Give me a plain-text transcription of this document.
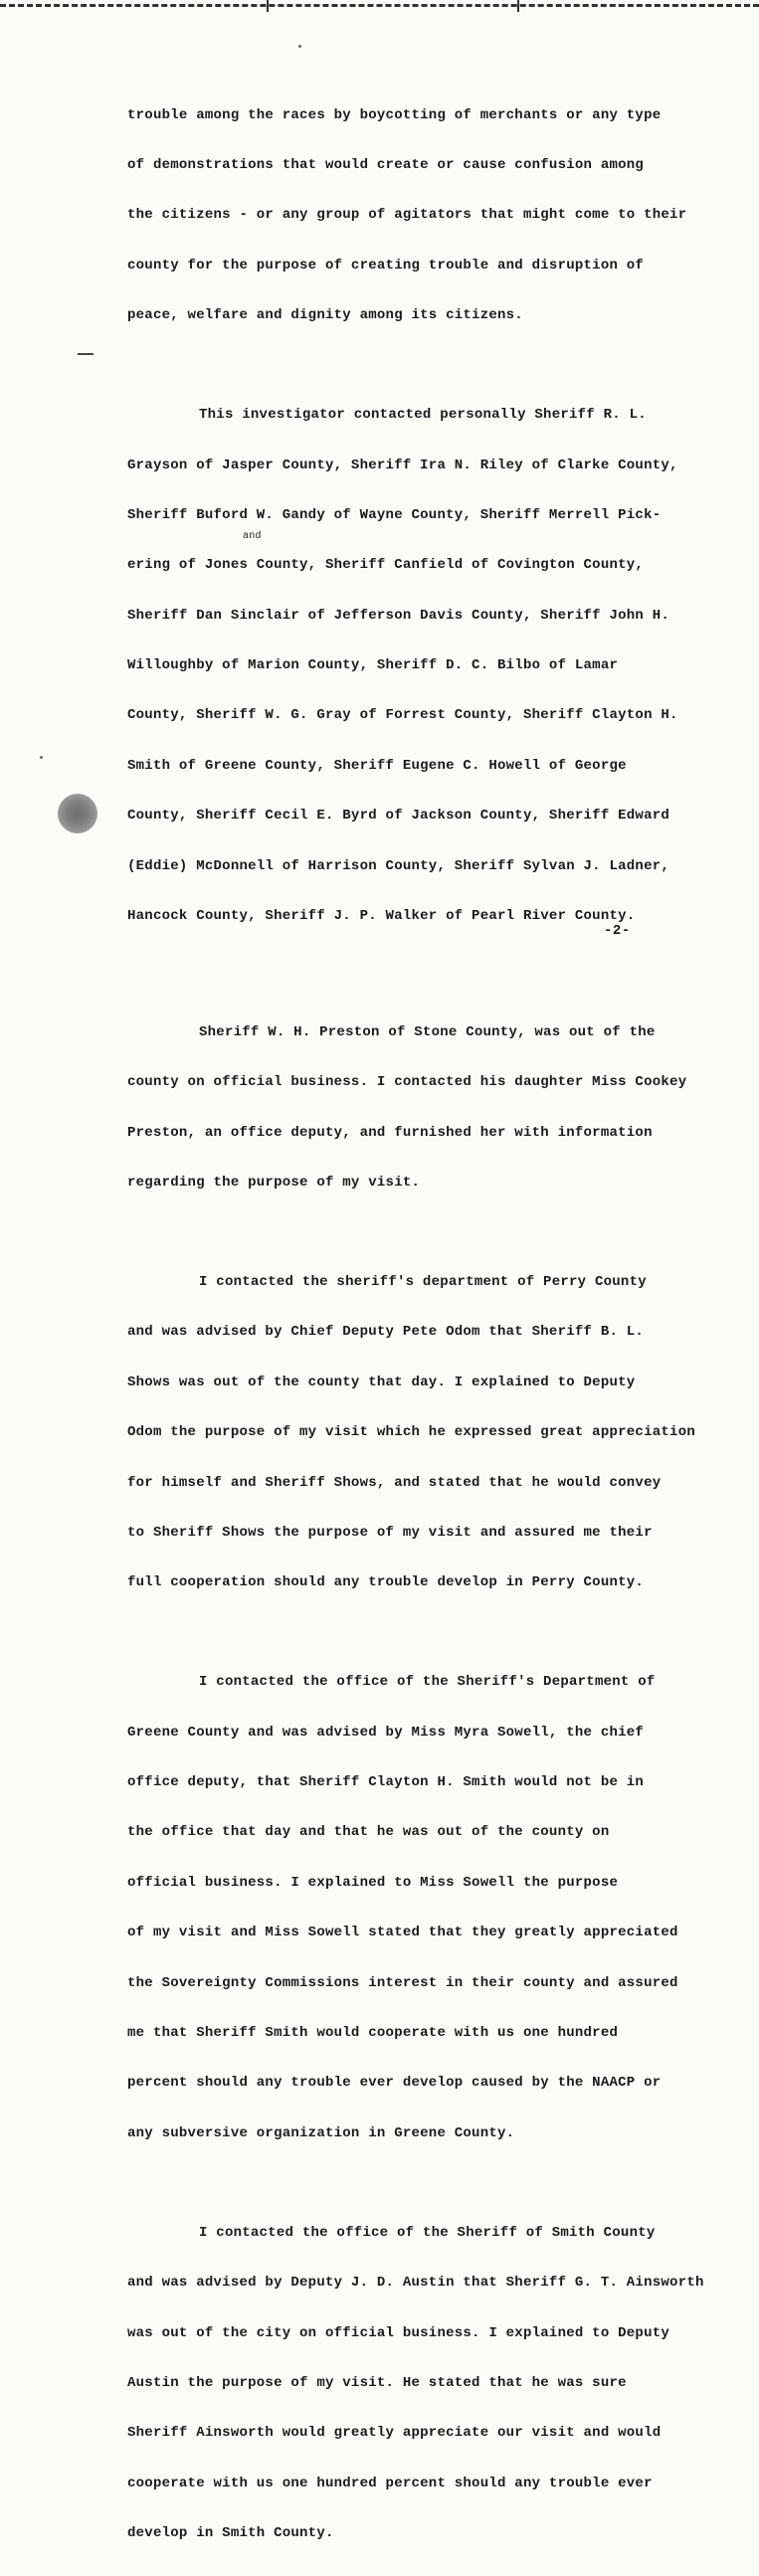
trouble among the races by boycotting of merchants or any type

of demonstrations that would create or cause confusion among

the citizens - or any group of agitators that might come to their

county for the purpose of creating trouble and disruption of

peace, welfare and dignity among its citizens.

This investigator contacted personally Sheriff R. L.

Grayson of Jasper County, Sheriff Ira N. Riley of Clarke County,

Sheriff Buford W. Gandy of Wayne County, Sheriff Merrell Pick-

ering of Jones County, Sheriff Canfield of Covington County,

Sheriff Dan Sinclair of Jefferson Davis County, Sheriff John H.

Willoughby of Marion County, Sheriff D. C. Bilbo of Lamar

County, Sheriff W. G. Gray of Forrest County, Sheriff Clayton H.

Smith of Greene County, Sheriff Eugene C. Howell of George

County, Sheriff Cecil E. Byrd of Jackson County, Sheriff Edward

(Eddie) McDonnell of Harrison County, Sheriff Sylvan J. Ladner,

Hancock County, Sheriff J. P. Walker of Pearl River County.

and

Sheriff W. H. Preston of Stone County, was out of the

county on official business. I contacted his daughter Miss Cookey

Preston, an office deputy, and furnished her with information

regarding the purpose of my visit.

I contacted the sheriff's department of Perry County

and was advised by Chief Deputy Pete Odom that Sheriff B. L.

Shows was out of the county that day. I explained to Deputy

Odom the purpose of my visit which he expressed great appreciation

for himself and Sheriff Shows, and stated that he would convey

to Sheriff Shows the purpose of my visit and assured me their

full cooperation should any trouble develop in Perry County.

I contacted the office of the Sheriff's Department of

Greene County and was advised by Miss Myra Sowell, the chief

office deputy, that Sheriff Clayton H. Smith would not be in

the office that day and that he was out of the county on

official business. I explained to Miss Sowell the purpose

of my visit and Miss Sowell stated that they greatly appreciated

the Sovereignty Commissions interest in their county and assured

me that Sheriff Smith would cooperate with us one hundred

percent should any trouble ever develop caused by the NAACP or

any subversive organization in Greene County.

I contacted the office of the Sheriff of Smith County

and was advised by Deputy J. D. Austin that Sheriff G. T. Ainsworth

was out of the city on official business. I explained to Deputy

Austin the purpose of my visit. He stated that he was sure

Sheriff Ainsworth would greatly appreciate our visit and would

cooperate with us one hundred percent should any trouble ever

develop in Smith County.

-2-
